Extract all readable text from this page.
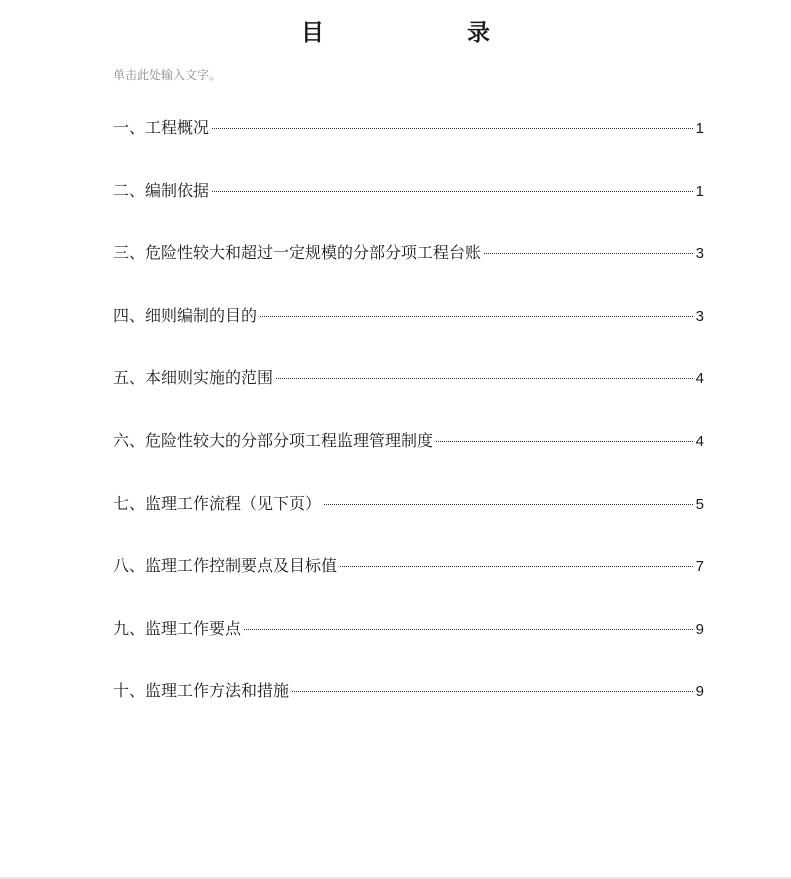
目　录
单击此处输入文字。
一、工程概况	1
二、编制依据	1
三、危险性较大和超过一定规模的分部分项工程台账	3
四、细则编制的目的	3
五、本细则实施的范围	4
六、危险性较大的分部分项工程监理管理制度	4
七、监理工作流程（见下页）	5
八、监理工作控制要点及目标值	7
九、监理工作要点	9
十、监理工作方法和措施	9
